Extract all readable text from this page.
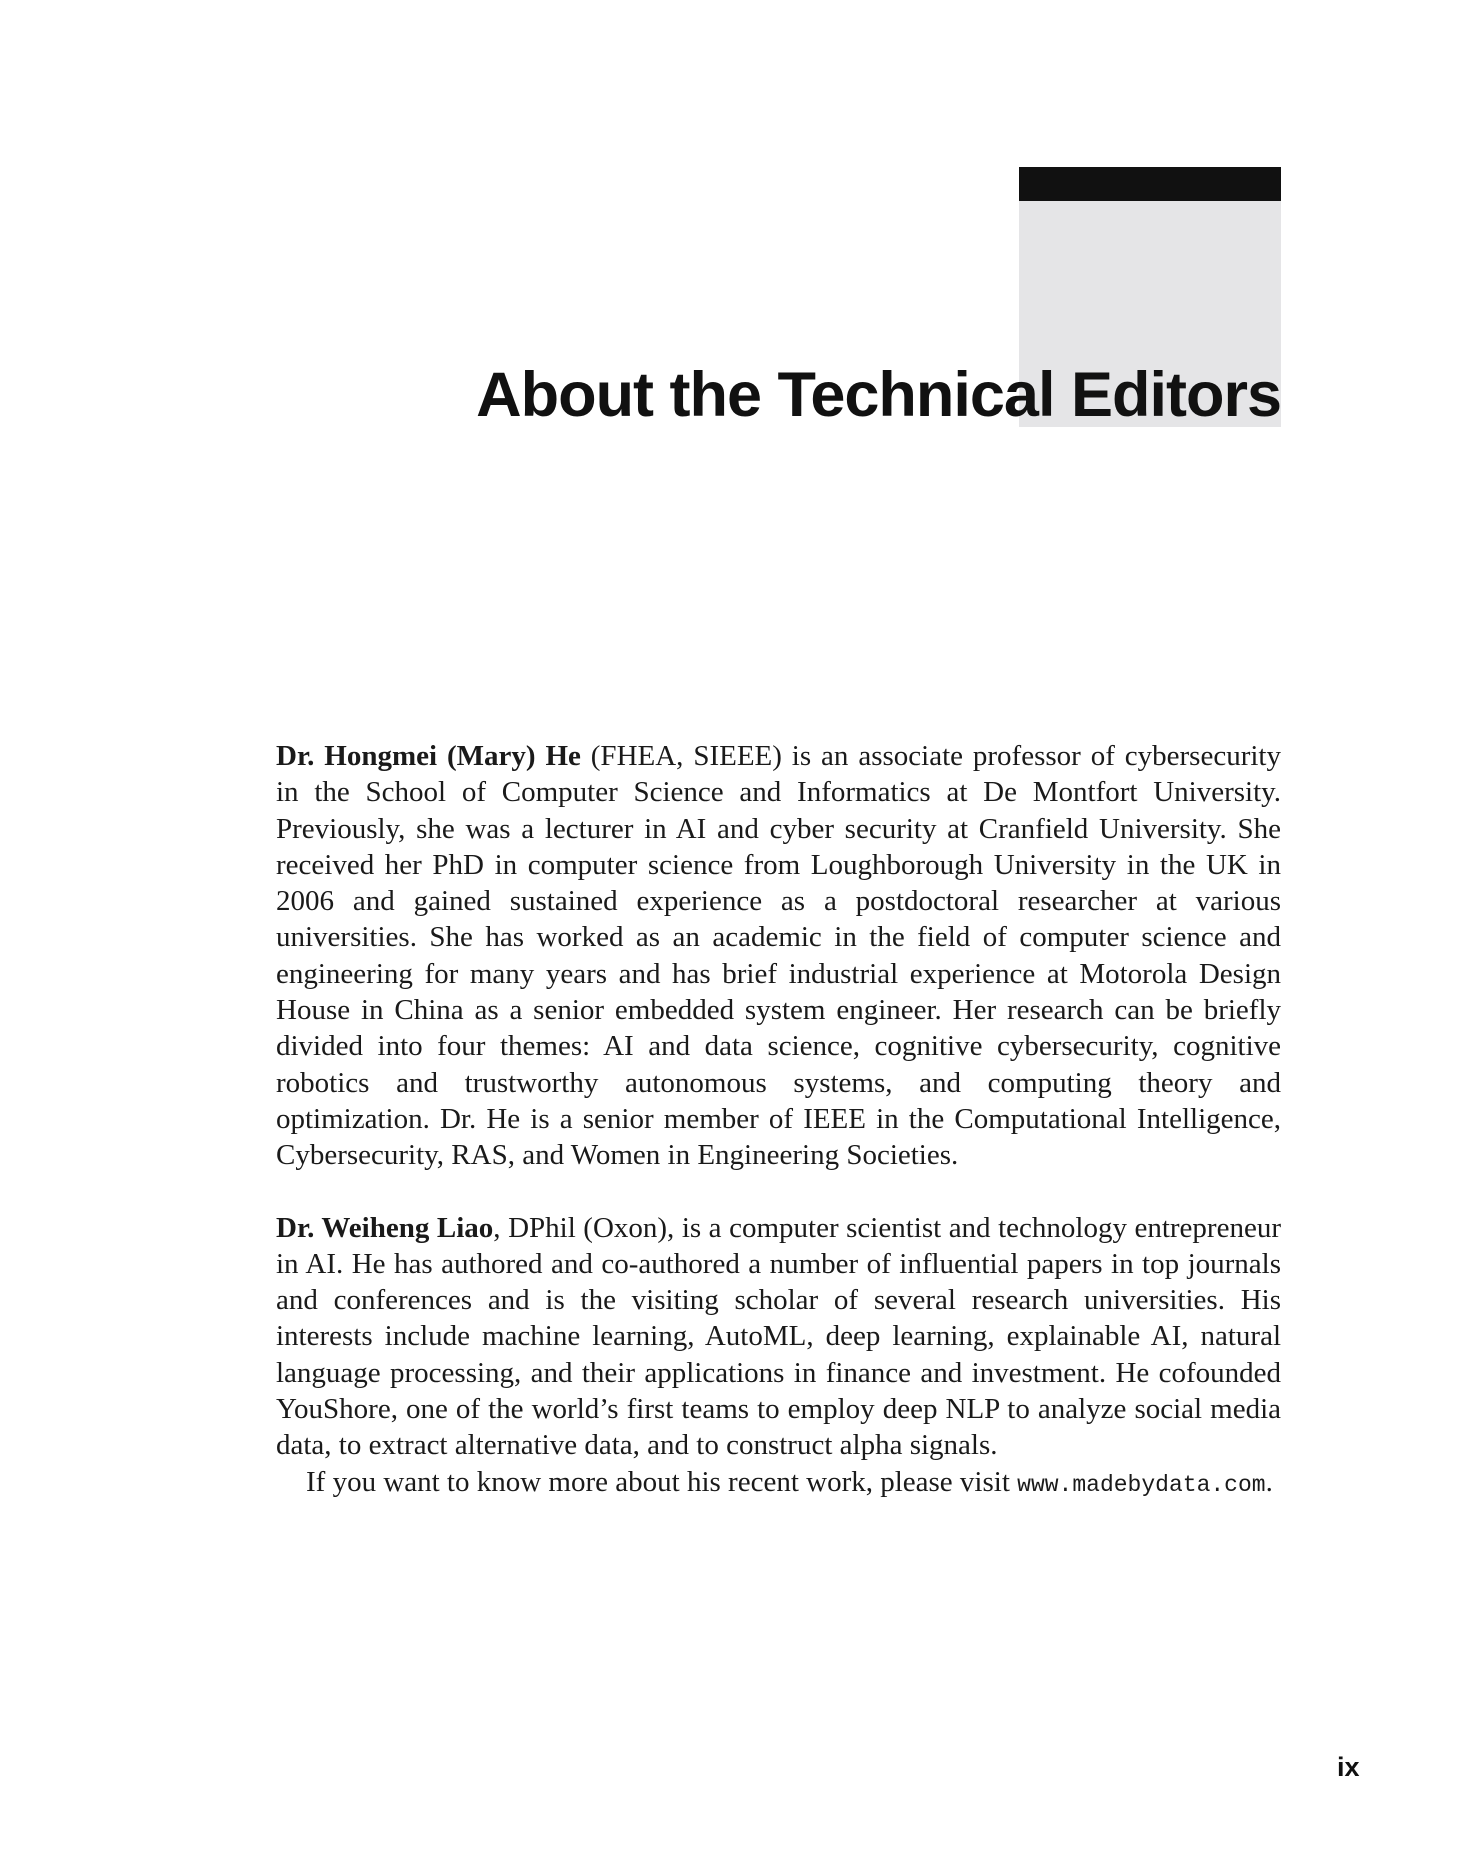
About the Technical Editors

Dr. Hongmei (Mary) He (FHEA, SIEEE) is an associate professor of cybersecurity in the School of Computer Science and Informatics at De Montfort University. Previously, she was a lecturer in AI and cyber security at Cranfield University. She received her PhD in computer science from Loughborough University in the UK in 2006 and gained sustained experience as a postdoctoral researcher at various universities. She has worked as an academic in the field of computer science and engineering for many years and has brief industrial experience at Motorola Design House in China as a senior embedded system engineer. Her research can be briefly divided into four themes: AI and data science, cognitive cybersecurity, cognitive robotics and trustworthy autonomous systems, and computing theory and optimization. Dr. He is a senior member of IEEE in the Computational Intelligence, Cybersecurity, RAS, and Women in Engineering Societies.

Dr. Weiheng Liao, DPhil (Oxon), is a computer scientist and technology entrepreneur in AI. He has authored and co-authored a number of influential papers in top journals and conferences and is the visiting scholar of several research universities. His interests include machine learning, AutoML, deep learning, explainable AI, natural language processing, and their applications in finance and investment. He cofounded YouShore, one of the world’s first teams to employ deep NLP to analyze social media data, to extract alternative data, and to construct alpha signals.

If you want to know more about his recent work, please visit www.madebydata.com.

ix
